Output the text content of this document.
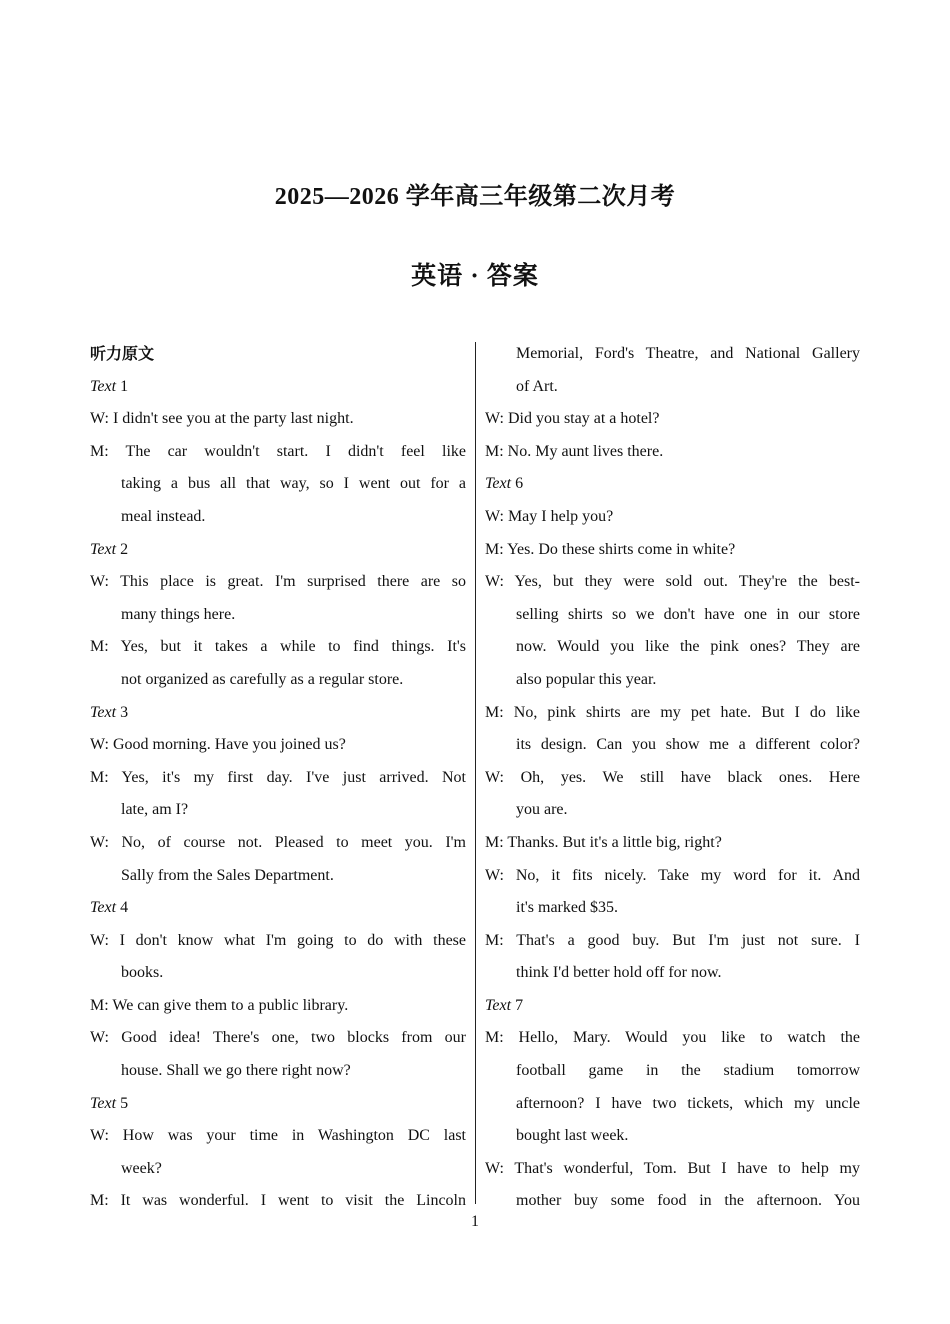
2025—2026 学年高三年级第二次月考
英语 · 答案
听力原文
Text 1
W: I didn't see you at the party last night.
M: The car wouldn't start. I didn't feel like
taking a bus all that way, so I went out for a
meal instead.
Text 2
W: This place is great. I'm surprised there are so
many things here.
M: Yes, but it takes a while to find things. It's
not organized as carefully as a regular store.
Text 3
W: Good morning. Have you joined us?
M: Yes, it's my first day. I've just arrived. Not
late, am I?
W: No, of course not. Pleased to meet you. I'm
Sally from the Sales Department.
Text 4
W: I don't know what I'm going to do with these
books.
M: We can give them to a public library.
W: Good idea! There's one, two blocks from our
house. Shall we go there right now?
Text 5
W: How was your time in Washington DC last
week?
M: It was wonderful. I went to visit the Lincoln
Memorial, Ford's Theatre, and National Gallery
of Art.
W: Did you stay at a hotel?
M: No. My aunt lives there.
Text 6
W: May I help you?
M: Yes. Do these shirts come in white?
W: Yes, but they were sold out. They're the best-
selling shirts so we don't have one in our store
now. Would you like the pink ones? They are
also popular this year.
M: No, pink shirts are my pet hate. But I do like
its design. Can you show me a different color?
W: Oh, yes. We still have black ones. Here
you are.
M: Thanks. But it's a little big, right?
W: No, it fits nicely. Take my word for it. And
it's marked $35.
M: That's a good buy. But I'm just not sure. I
think I'd better hold off for now.
Text 7
M: Hello, Mary. Would you like to watch the
football game in the stadium tomorrow
afternoon? I have two tickets, which my uncle
bought last week.
W: That's wonderful, Tom. But I have to help my
mother buy some food in the afternoon. You
1
